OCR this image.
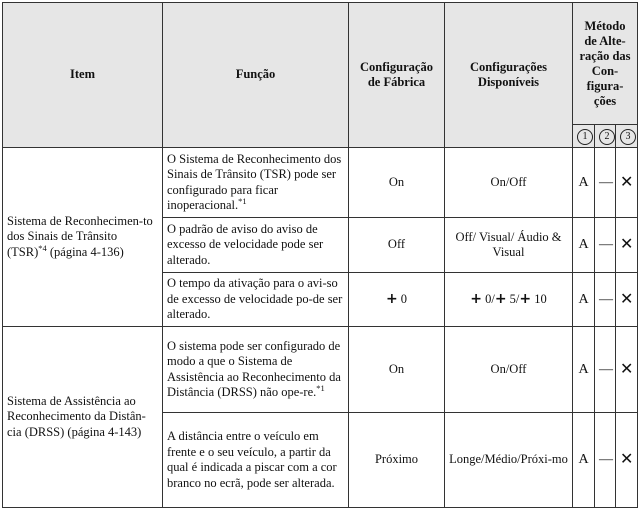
Item	Função	Configuração de Fábrica	Configurações Disponíveis	Método de Alte-ração das Con-figura-ções		
				1	2	3
Sistema de Reconhecimen-to dos Sinais de Trânsito (TSR)$^{*4}$ (página 4-136)	O Sistema de Reconhecimento dos Sinais de Trânsito (TSR) pode ser configurado para ficar inoperacional.$^{*1}$	On	On/Off	A	—	✕
	O padrão de aviso do aviso de excesso de velocidade pode ser alterado.	Off	Off/ Visual/ Áudio & Visual	A	—	✕
	O tempo da ativação para o avi-so de excesso de velocidade po-de ser alterado.	+ 0	+ 0/+ 5/+ 10	A	—	✕
Sistema de Assistência ao Reconhecimento da Distân-cia (DRSS) (página 4-143)	O sistema pode ser configurado de modo a que o Sistema de Assistência ao Reconhecimento da Distância (DRSS) não ope-re.$^{*1}$	On	On/Off	A	—	✕
	A distância entre o veículo em frente e o seu veículo, a partir da qual é indicada a piscar com a cor branco no ecrã, pode ser alterada.	Próximo	Longe/Médio/Próxi-mo	A	—	✕
